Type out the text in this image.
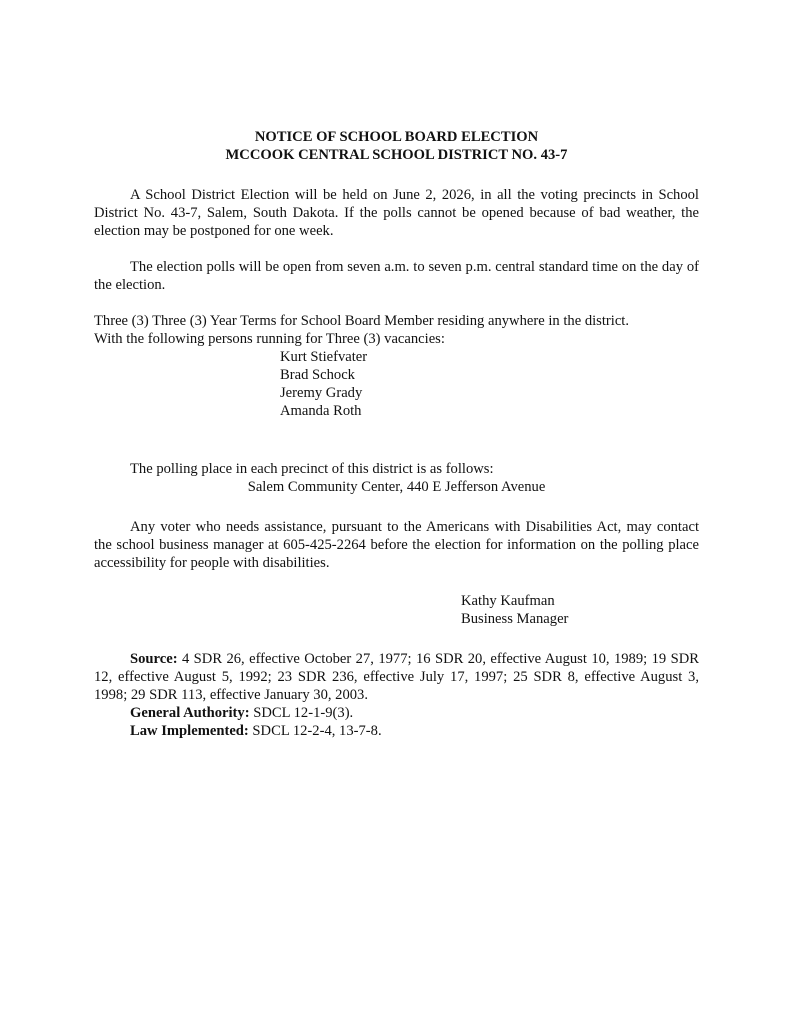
NOTICE OF SCHOOL BOARD ELECTION

MCCOOK CENTRAL SCHOOL DISTRICT NO. 43-7

A School District Election will be held on June 2, 2026, in all the voting precincts in School District No. 43-7, Salem, South Dakota. If the polls cannot be opened because of bad weather, the election may be postponed for one week.

The election polls will be open from seven a.m. to seven p.m. central standard time on the day of the election.

Three (3) Three (3) Year Terms for School Board Member residing anywhere in the district.

With the following persons running for Three (3) vacancies:

Kurt Stiefvater
Brad Schock
Jeremy Grady
Amanda Roth

The polling place in each precinct of this district is as follows:

Salem Community Center, 440 E Jefferson Avenue

Any voter who needs assistance, pursuant to the Americans with Disabilities Act, may contact the school business manager at 605-425-2264 before the election for information on the polling place accessibility for people with disabilities.

Kathy Kaufman
Business Manager

Source: 4 SDR 26, effective October 27, 1977; 16 SDR 20, effective August 10, 1989; 19 SDR 12, effective August 5, 1992; 23 SDR 236, effective July 17, 1997; 25 SDR 8, effective August 3, 1998; 29 SDR 113, effective January 30, 2003.

General Authority: SDCL 12-1-9(3).

Law Implemented: SDCL 12-2-4, 13-7-8.
